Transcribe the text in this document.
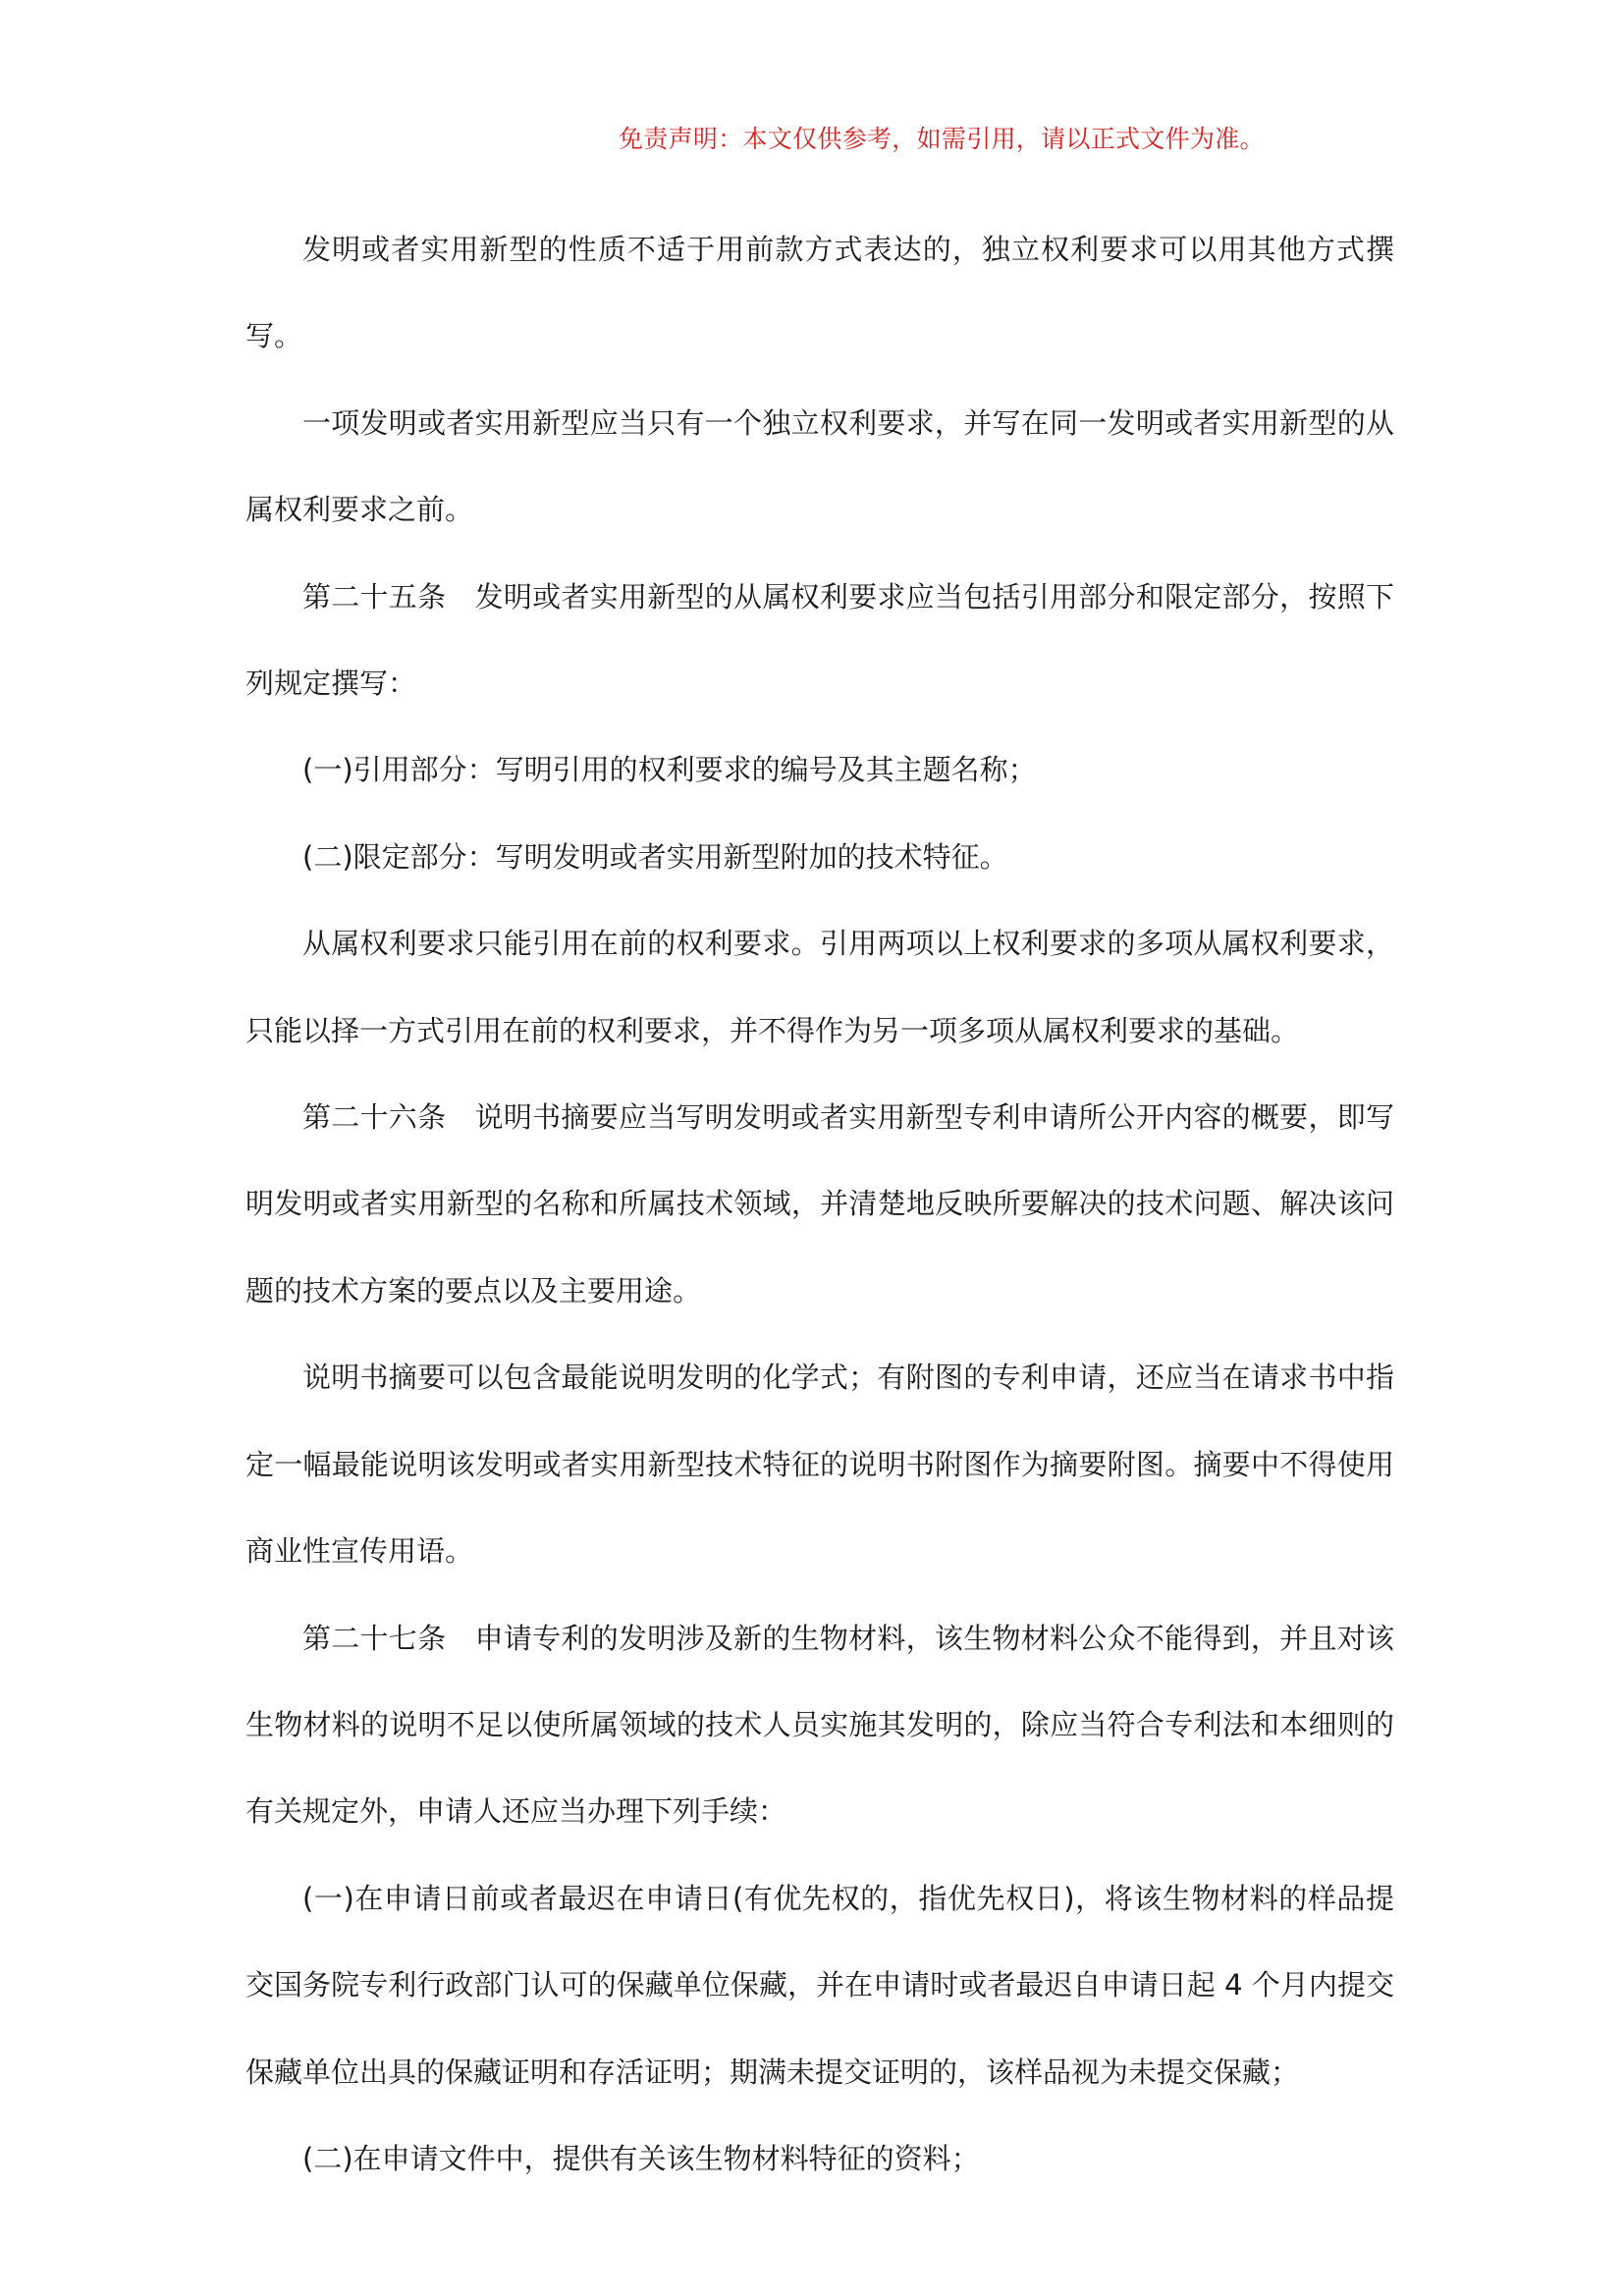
免责声明：本文仅供参考，如需引用，请以正式文件为准。

发明或者实用新型的性质不适于用前款方式表达的，独立权利要求可以用其他方式撰写。

一项发明或者实用新型应当只有一个独立权利要求，并写在同一发明或者实用新型的从属权利要求之前。

第二十五条　发明或者实用新型的从属权利要求应当包括引用部分和限定部分，按照下列规定撰写：

(一)引用部分：写明引用的权利要求的编号及其主题名称；

(二)限定部分：写明发明或者实用新型附加的技术特征。

从属权利要求只能引用在前的权利要求。引用两项以上权利要求的多项从属权利要求，只能以择一方式引用在前的权利要求，并不得作为另一项多项从属权利要求的基础。

第二十六条　说明书摘要应当写明发明或者实用新型专利申请所公开内容的概要，即写明发明或者实用新型的名称和所属技术领域，并清楚地反映所要解决的技术问题、解决该问题的技术方案的要点以及主要用途。

说明书摘要可以包含最能说明发明的化学式；有附图的专利申请，还应当在请求书中指定一幅最能说明该发明或者实用新型技术特征的说明书附图作为摘要附图。摘要中不得使用商业性宣传用语。

第二十七条　申请专利的发明涉及新的生物材料，该生物材料公众不能得到，并且对该生物材料的说明不足以使所属领域的技术人员实施其发明的，除应当符合专利法和本细则的有关规定外，申请人还应当办理下列手续：

(一)在申请日前或者最迟在申请日(有优先权的，指优先权日)，将该生物材料的样品提交国务院专利行政部门认可的保藏单位保藏，并在申请时或者最迟自申请日起 4 个月内提交保藏单位出具的保藏证明和存活证明；期满未提交证明的，该样品视为未提交保藏；

(二)在申请文件中，提供有关该生物材料特征的资料；
